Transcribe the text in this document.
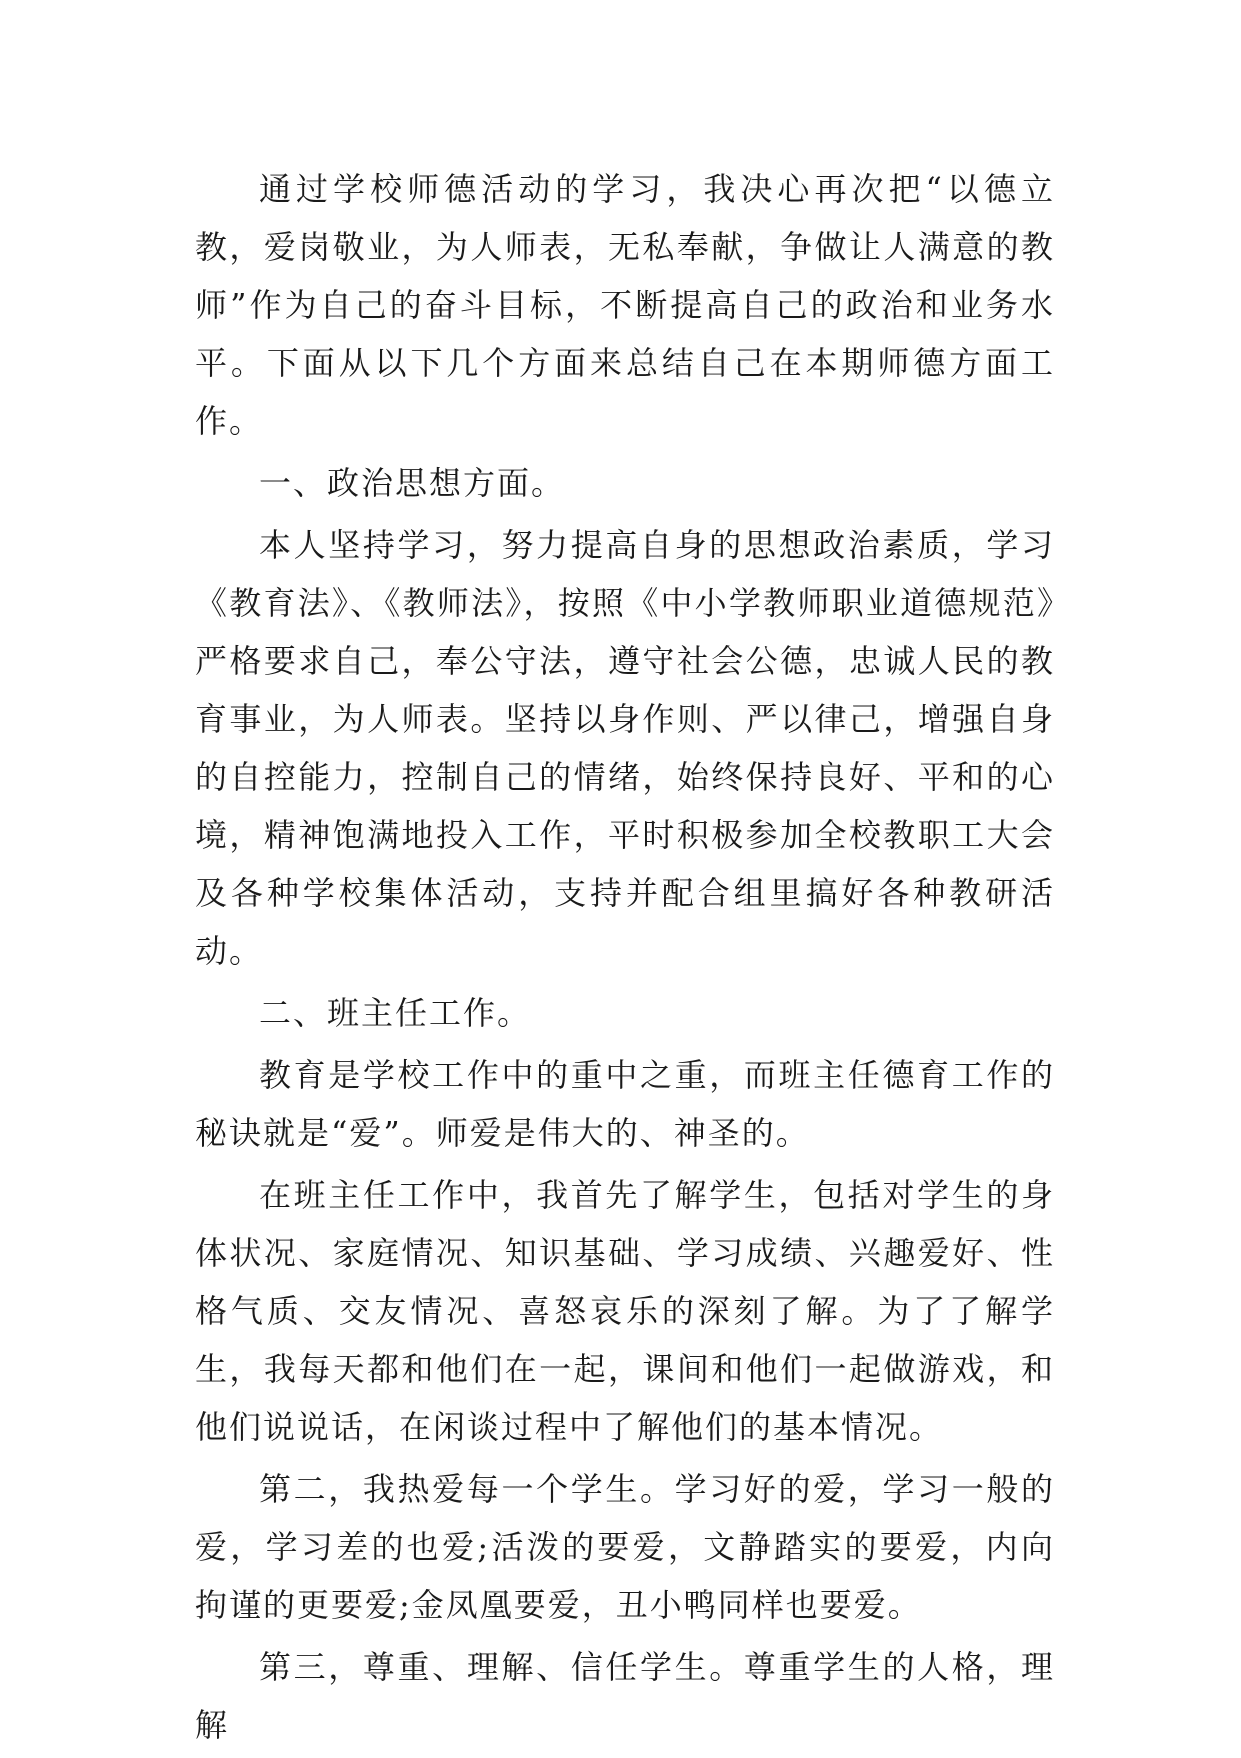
通过学校师德活动的学习，我决心再次把“以德立教，爱岗敬业，为人师表，无私奉献，争做让人满意的教师”作为自己的奋斗目标，不断提高自己的政治和业务水平。下面从以下几个方面来总结自己在本期师德方面工作。

一、政治思想方面。

本人坚持学习，努力提高自身的思想政治素质，学习《教育法》、《教师法》，按照《中小学教师职业道德规范》严格要求自己，奉公守法，遵守社会公德，忠诚人民的教育事业，为人师表。坚持以身作则、严以律己，增强自身的自控能力，控制自己的情绪，始终保持良好、平和的心境，精神饱满地投入工作，平时积极参加全校教职工大会及各种学校集体活动，支持并配合组里搞好各种教研活动。

二、班主任工作。

教育是学校工作中的重中之重，而班主任德育工作的秘诀就是“爱”。师爱是伟大的、神圣的。

在班主任工作中，我首先了解学生，包括对学生的身体状况、家庭情况、知识基础、学习成绩、兴趣爱好、性格气质、交友情况、喜怒哀乐的深刻了解。为了了解学生，我每天都和他们在一起，课间和他们一起做游戏，和他们说说话，在闲谈过程中了解他们的基本情况。

第二，我热爱每一个学生。学习好的爱，学习一般的爱，学习差的也爱;活泼的要爱，文静踏实的要爱，内向拘谨的更要爱;金凤凰要爱，丑小鸭同样也要爱。

第三，尊重、理解、信任学生。尊重学生的人格，理解
